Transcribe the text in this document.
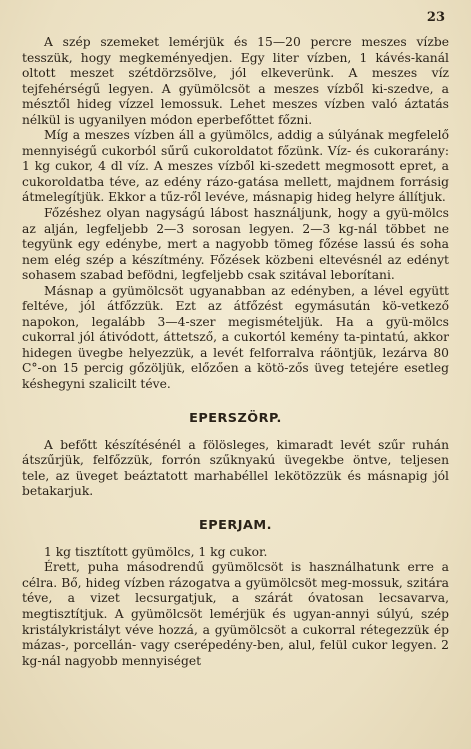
23

A szép szemeket lemérjük és 15—20 percre meszes vízbe tesszük, hogy megkeményedjen. Egy liter vízben, 1 kávés-kanál oltott meszet szétdörzsölve, jól elkeverünk. A meszes víz tejfehérségű legyen. A gyümölcsöt a meszes vízből ki-szedve, a mésztől hideg vízzel lemossuk. Lehet meszes vízben való áztatás nélkül is ugyanilyen módon eperbefőttet főzni.

Míg a meszes vízben áll a gyümölcs, addig a súlyának megfelelő mennyiségű cukorból sűrű cukoroldatot főzünk. Víz- és cukorarány: 1 kg cukor, 4 dl víz. A meszes vízből ki-szedett megmosott epret, a cukoroldatba téve, az edény rázo-gatása mellett, majdnem forrásig átmelegítjük. Ekkor a tűz-ről levéve, másnapig hideg helyre állítjuk.

Főzéshez olyan nagyságú lábost használjunk, hogy a gyü-mölcs az alján, legfeljebb 2—3 sorosan legyen. 2—3 kg-nál többet ne tegyünk egy edénybe, mert a nagyobb tömeg főzése lassú és soha nem elég szép a készítmény. Főzések közbeni eltevésnél az edényt sohasem szabad befödni, legfeljebb csak szitával leborítani.

Másnap a gyümölcsöt ugyanabban az edényben, a lével együtt feltéve, jól átfőzzük. Ezt az átfőzést egymásután kö-vetkező napokon, legalább 3—4-szer megismételjük. Ha a gyü-mölcs cukorral jól átivódott, áttetsző, a cukortól kemény ta-pintatú, akkor hidegen üvegbe helyezzük, a levét felforralva ráöntjük, lezárva 80 C°-on 15 percig gőzöljük, előzően a kötö-zős üveg tetejére esetleg késhegyni szalicilt téve.

EPERSZÖRP.

A befőtt készítésénél a fölösleges, kimaradt levét szűr ruhán átszűrjük, felfőzzük, forrón szűknyakú üvegekbe öntve, teljesen tele, az üveget beáztatott marhabéllel lekötözzük és másnapig jól betakarjuk.

EPERJAM.

1 kg tisztított gyümölcs, 1 kg cukor.

Érett, puha másodrendű gyümölcsöt is használhatunk erre a célra. Bő, hideg vízben rázogatva a gyümölcsöt meg-mossuk, szitára téve, a vizet lecsurgatjuk, a szárát óvatosan lecsavarva, megtisztítjuk. A gyümölcsöt lemérjük és ugyan-annyi súlyú, szép kristálykristályt véve hozzá, a gyümölcsöt a cukorral rétegezzük ép mázas-, porcellán- vagy cserépedény-ben, alul, felül cukor legyen. 2 kg-nál nagyobb mennyiséget
